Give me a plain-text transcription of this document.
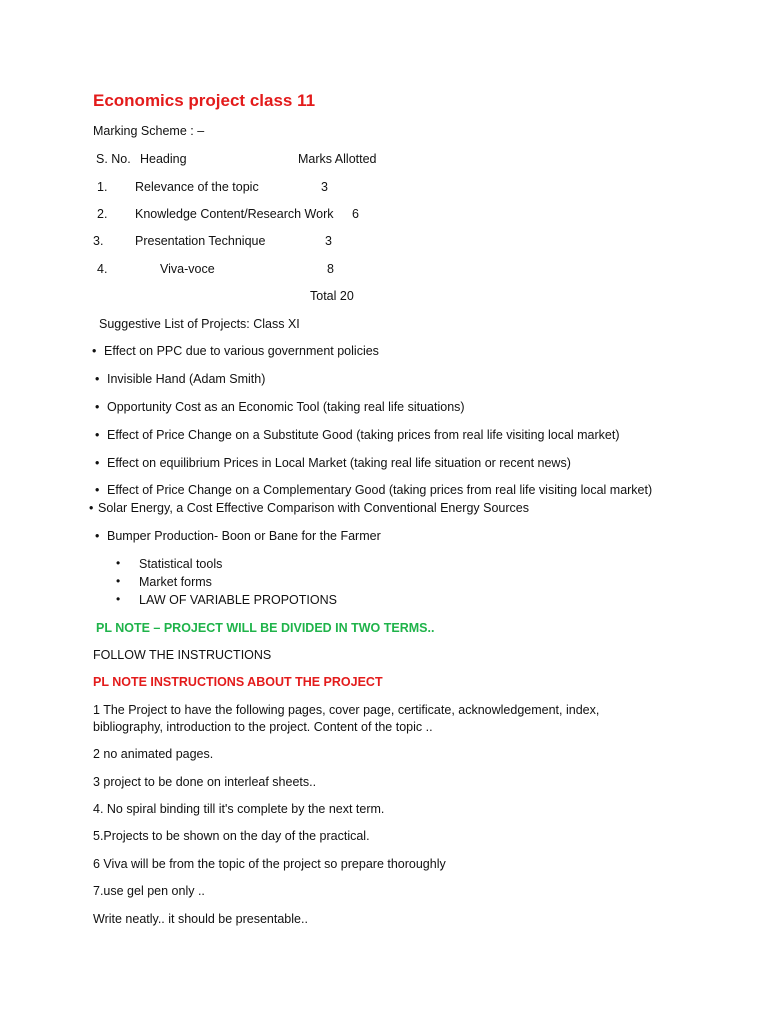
Economics project class 11
Marking Scheme : –
S. No. Heading	Marks Allotted
1. Relevance of the topic	3
2. Knowledge Content/Research Work 6
3.	Presentation Technique	3
4.	Viva-voce	8
Total 20
Suggestive List of Projects: Class XI
• Effect on PPC due to various government policies
• Invisible Hand (Adam Smith)
• Opportunity Cost as an Economic Tool (taking real life situations)
• Effect of Price Change on a Substitute Good (taking prices from real life visiting local market)
• Effect on equilibrium Prices in Local Market (taking real life situation or recent news)
• Effect of Price Change on a Complementary Good (taking prices from real life visiting local market)
• Solar Energy, a Cost Effective Comparison with Conventional Energy Sources
• Bumper Production- Boon or Bane for the Farmer
• Statistical tools
• Market forms
• LAW OF VARIABLE PROPOTIONS
PL NOTE – PROJECT WILL BE DIVIDED IN TWO TERMS..
FOLLOW THE INSTRUCTIONS
PL NOTE INSTRUCTIONS ABOUT THE PROJECT
1 The Project to have the following pages, cover page, certificate, acknowledgement, index,
bibliography, introduction to the project. Content of the topic ..
2 no animated pages.
3 project to be done on interleaf sheets..
4. No spiral binding till it's complete by the next term.
5.Projects to be shown on the day of the practical.
6 Viva will be from the topic of the project so prepare thoroughly
7.use gel pen only ..
Write neatly.. it should be presentable..
